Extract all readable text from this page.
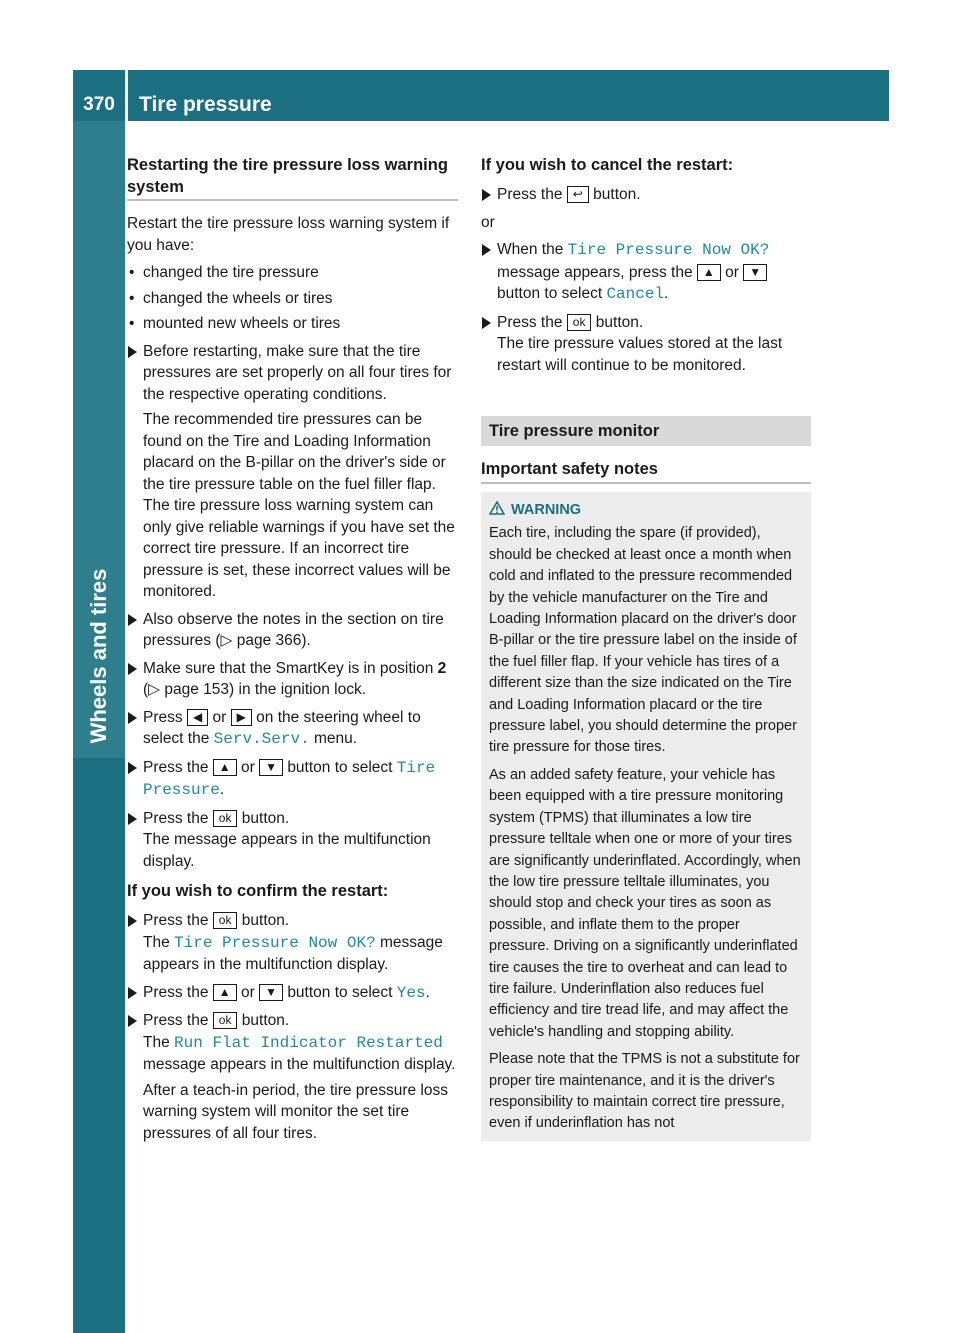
370	Tire pressure
Wheels and tires
Restarting the tire pressure loss warning system

Restart the tire pressure loss warning system if you have:

• changed the tire pressure
• changed the wheels or tires
• mounted new wheels or tires
Before restarting, make sure that the tire pressures are set properly on all four tires for the respective operating conditions.
The recommended tire pressures can be found on the Tire and Loading Information placard on the B-pillar on the driver's side or the tire pressure table on the fuel filler flap. The tire pressure loss warning system can only give reliable warnings if you have set the correct tire pressure. If an incorrect tire pressure is set, these incorrect values will be monitored.
Also observe the notes in the section on tire pressures (▷ page 366).
Make sure that the SmartKey is in position 2 (▷ page 153) in the ignition lock.
Press ◀ or ▶ on the steering wheel to select the Serv.Serv. menu.
Press the ▲ or ▼ button to select Tire Pressure.
Press the ok button.
The message appears in the multifunction display.
If you wish to confirm the restart:
Press the ok button.
The Tire Pressure Now OK? message appears in the multifunction display.
Press the ▲ or ▼ button to select Yes.
Press the ok button.
The Run Flat Indicator Restarted message appears in the multifunction display.
After a teach-in period, the tire pressure loss warning system will monitor the set tire pressures of all four tires.
If you wish to cancel the restart:
Press the ↩ button.

or

When the Tire Pressure Now OK? message appears, press the ▲ or ▼ button to select Cancel.
Press the ok button.
The tire pressure values stored at the last restart will continue to be monitored.
Tire pressure monitor
Important safety notes
WARNING

Each tire, including the spare (if provided), should be checked at least once a month when cold and inflated to the pressure recommended by the vehicle manufacturer on the Tire and Loading Information placard on the driver's door B-pillar or the tire pressure label on the inside of the fuel filler flap. If your vehicle has tires of a different size than the size indicated on the Tire and Loading Information placard or the tire pressure label, you should determine the proper tire pressure for those tires.

As an added safety feature, your vehicle has been equipped with a tire pressure monitoring system (TPMS) that illuminates a low tire pressure telltale when one or more of your tires are significantly underinflated. Accordingly, when the low tire pressure telltale illuminates, you should stop and check your tires as soon as possible, and inflate them to the proper pressure. Driving on a significantly underinflated tire causes the tire to overheat and can lead to tire failure. Underinflation also reduces fuel efficiency and tire tread life, and may affect the vehicle's handling and stopping ability.

Please note that the TPMS is not a substitute for proper tire maintenance, and it is the driver's responsibility to maintain correct tire pressure, even if underinflation has not
